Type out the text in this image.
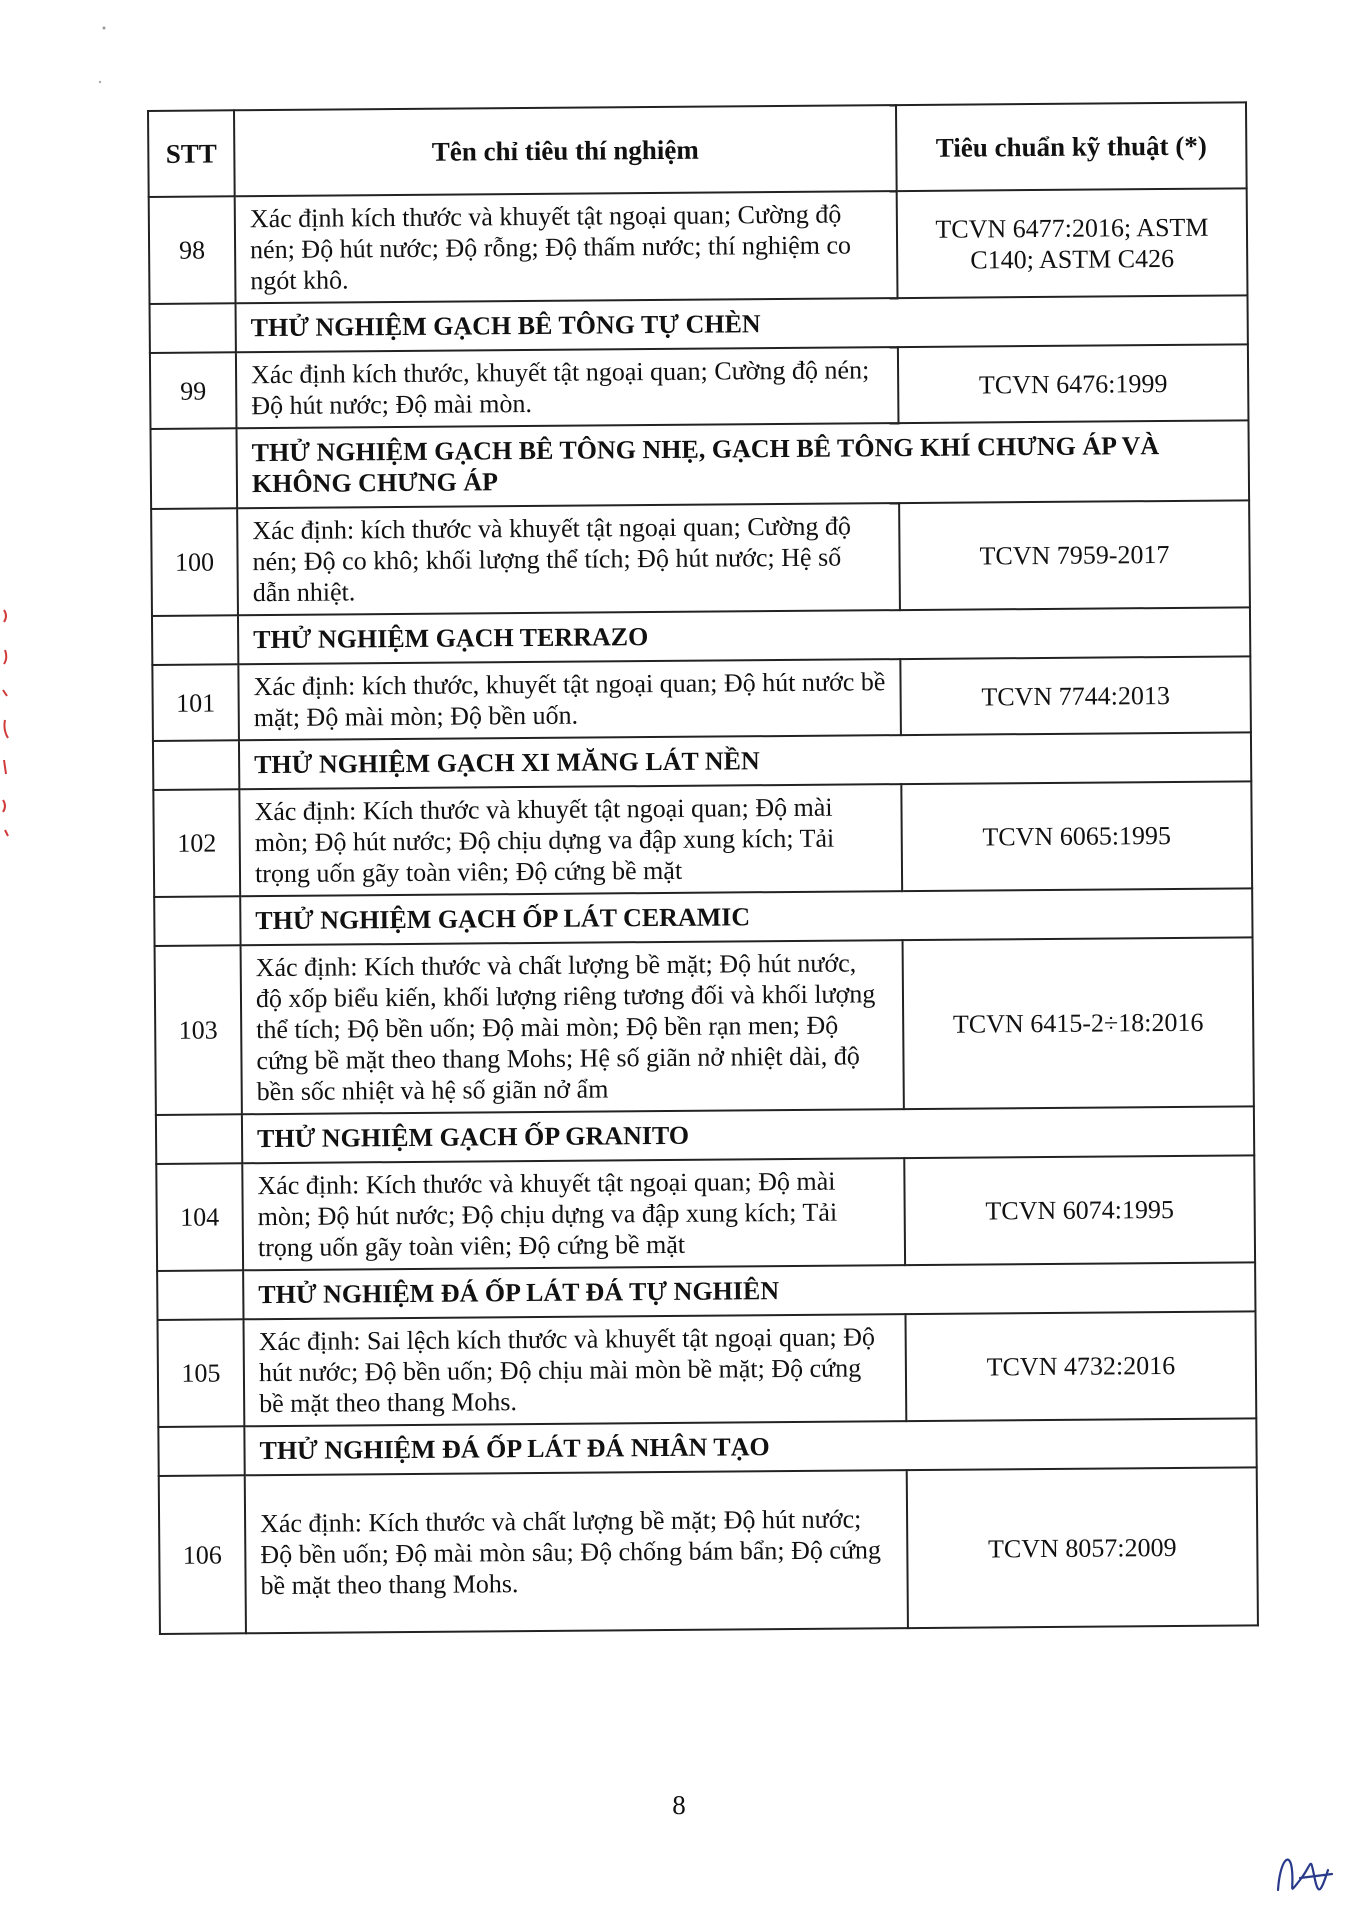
STT	Tên chỉ tiêu thí nghiệm	Tiêu chuẩn kỹ thuật (*)
98	Xác định kích thước và khuyết tật ngoại quan; Cường độ nén; Độ hút nước; Độ rỗng; Độ thấm nước; thí nghiệm co ngót khô.	TCVN 6477:2016; ASTM C140; ASTM C426
	THỬ NGHIỆM GẠCH BÊ TÔNG TỰ CHÈN	
99	Xác định kích thước, khuyết tật ngoại quan; Cường độ nén; Độ hút nước; Độ mài mòn.	TCVN 6476:1999
	THỬ NGHIỆM GẠCH BÊ TÔNG NHẸ, GẠCH BÊ TÔNG KHÍ CHƯNG ÁP VÀ KHÔNG CHƯNG ÁP	
100	Xác định: kích thước và khuyết tật ngoại quan; Cường độ nén; Độ co khô; khối lượng thể tích; Độ hút nước; Hệ số dẫn nhiệt.	TCVN 7959-2017
	THỬ NGHIỆM GẠCH TERRAZO	
101	Xác định: kích thước, khuyết tật ngoại quan; Độ hút nước bề mặt; Độ mài mòn; Độ bền uốn.	TCVN 7744:2013
	THỬ NGHIỆM GẠCH XI MĂNG LÁT NỀN	
102	Xác định: Kích thước và khuyết tật ngoại quan; Độ mài mòn; Độ hút nước; Độ chịu dựng va đập xung kích; Tải trọng uốn gãy toàn viên; Độ cứng bề mặt	TCVN 6065:1995
	THỬ NGHIỆM GẠCH ỐP LÁT CERAMIC	
103	Xác định: Kích thước và chất lượng bề mặt; Độ hút nước, độ xốp biểu kiến, khối lượng riêng tương đối và khối lượng thể tích; Độ bền uốn; Độ mài mòn; Độ bền rạn men; Độ cứng bề mặt theo thang Mohs; Hệ số giãn nở nhiệt dài, độ bền sốc nhiệt và hệ số giãn nở ẩm	TCVN 6415-2÷18:2016
	THỬ NGHIỆM GẠCH ỐP GRANITO	
104	Xác định: Kích thước và khuyết tật ngoại quan; Độ mài mòn; Độ hút nước; Độ chịu dựng va đập xung kích; Tải trọng uốn gãy toàn viên; Độ cứng bề mặt	TCVN 6074:1995
	THỬ NGHIỆM ĐÁ ỐP LÁT ĐÁ TỰ NGHIÊN	
105	Xác định: Sai lệch kích thước và khuyết tật ngoại quan; Độ hút nước; Độ bền uốn; Độ chịu mài mòn bề mặt; Độ cứng bề mặt theo thang Mohs.	TCVN 4732:2016
	THỬ NGHIỆM ĐÁ ỐP LÁT ĐÁ NHÂN TẠO	
106	Xác định: Kích thước và chất lượng bề mặt; Độ hút nước; Độ bền uốn; Độ mài mòn sâu; Độ chống bám bẩn; Độ cứng bề mặt theo thang Mohs.	TCVN 8057:2009
8
